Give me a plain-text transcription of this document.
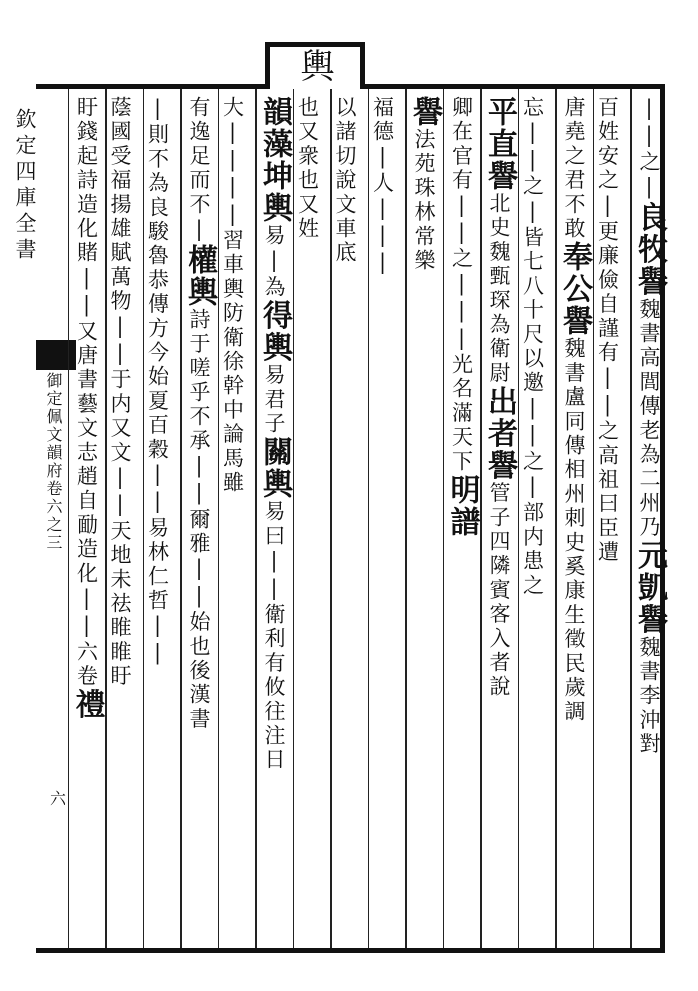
輿
欽定四庫全書
御定佩文韻府卷六之三
六
||之|良牧譽魏書高閭傳老為二州乃元凱譽魏書李沖對
百姓安之|更廉儉自謹有||之高祖曰臣遭
唐堯之君不敢奉公譽魏書盧同傳相州刺史奚康生徵民歲調
忘||之|皆七八十尺以邀||之|部内患之
平直譽北史魏甄琛為衛尉出者譽管子四隣賓客入者說
卿在官有||之|||光名滿天下明譜
譽法苑珠林常樂
福德|人|||
以諸切說文車底
也又衆也又姓
韻藻坤輿易|為得輿易君子關輿易曰||衛利有攸往注日
大||||習車輿防衛徐幹中論馬雖
有逸足而不|權輿詩于嗟乎不承||爾雅||始也後漢書
|則不為良駿魯恭傳方今始夏百穀||易林仁哲||
蔭國受福揚雄賦萬物||于内又文||天地未祛睢睢盱
盱錢起詩造化賭||又唐書藝文志趙自勔造化||六卷禮
